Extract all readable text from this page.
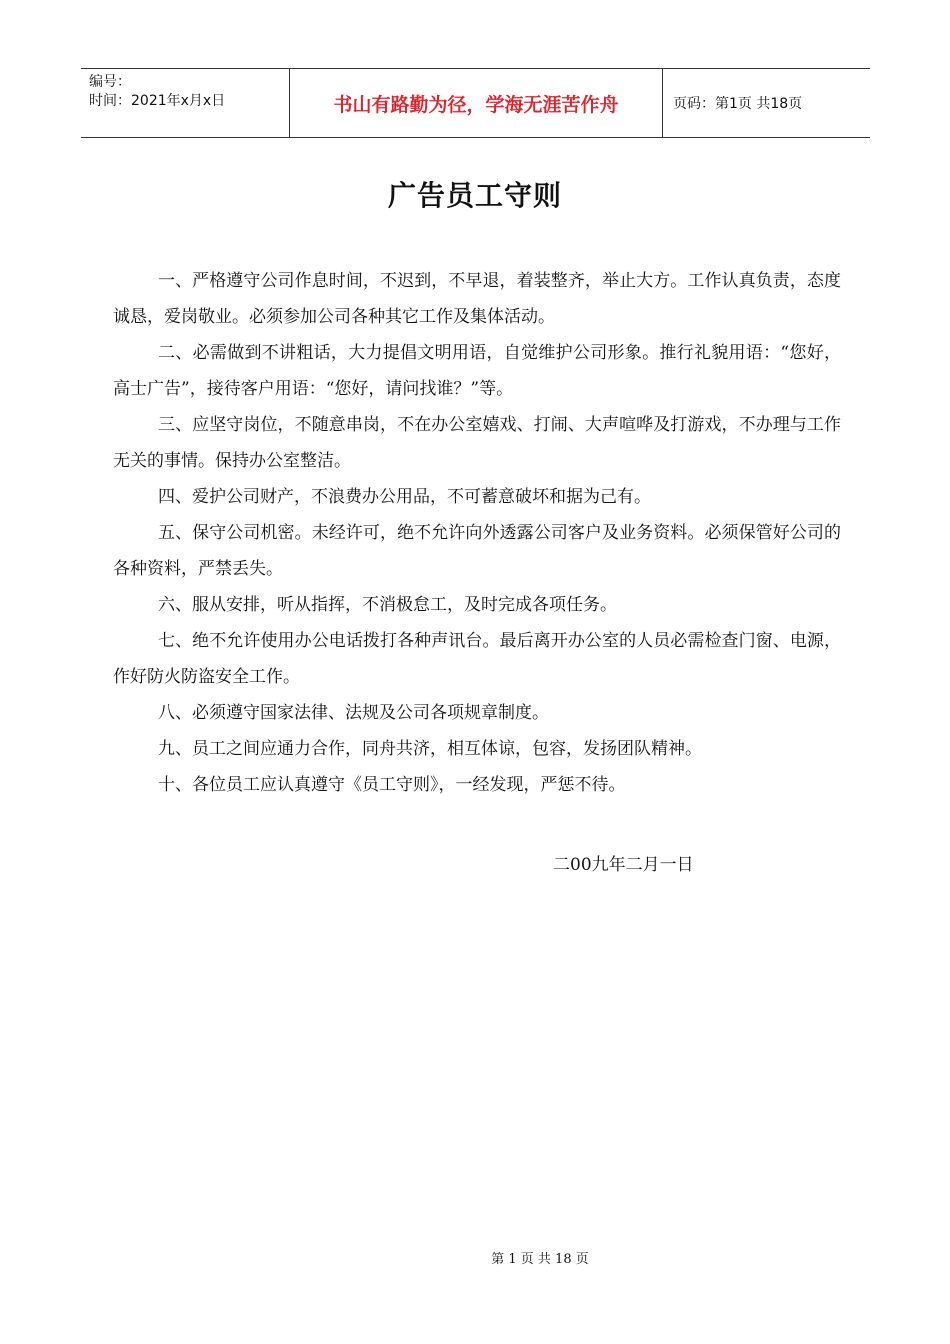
编号：
时间：2021年x月x日	书山有路勤为径，学海无涯苦作舟	页码：第1页 共18页
广告员工守则

一、严格遵守公司作息时间，不迟到，不早退，着装整齐，举止大方。工作认真负责，态度诚恳，爱岗敬业。必须参加公司各种其它工作及集体活动。

二、必需做到不讲粗话，大力提倡文明用语，自觉维护公司形象。推行礼貌用语：“您好，高士广告”，接待客户用语：“您好，请问找谁？”等。

三、应坚守岗位，不随意串岗，不在办公室嬉戏、打闹、大声喧哗及打游戏，不办理与工作无关的事情。保持办公室整洁。

四、爱护公司财产，不浪费办公用品，不可蓄意破坏和据为己有。

五、保守公司机密。未经许可，绝不允许向外透露公司客户及业务资料。必须保管好公司的各种资料，严禁丢失。

六、服从安排，听从指挥，不消极怠工，及时完成各项任务。

七、绝不允许使用办公电话拨打各种声讯台。最后离开办公室的人员必需检查门窗、电源，作好防火防盗安全工作。

八、必须遵守国家法律、法规及公司各项规章制度。

九、员工之间应通力合作，同舟共济，相互体谅，包容，发扬团队精神。

十、各位员工应认真遵守《员工守则》，一经发现，严惩不待。

二00九年二月一日
第 1 页 共 18 页
